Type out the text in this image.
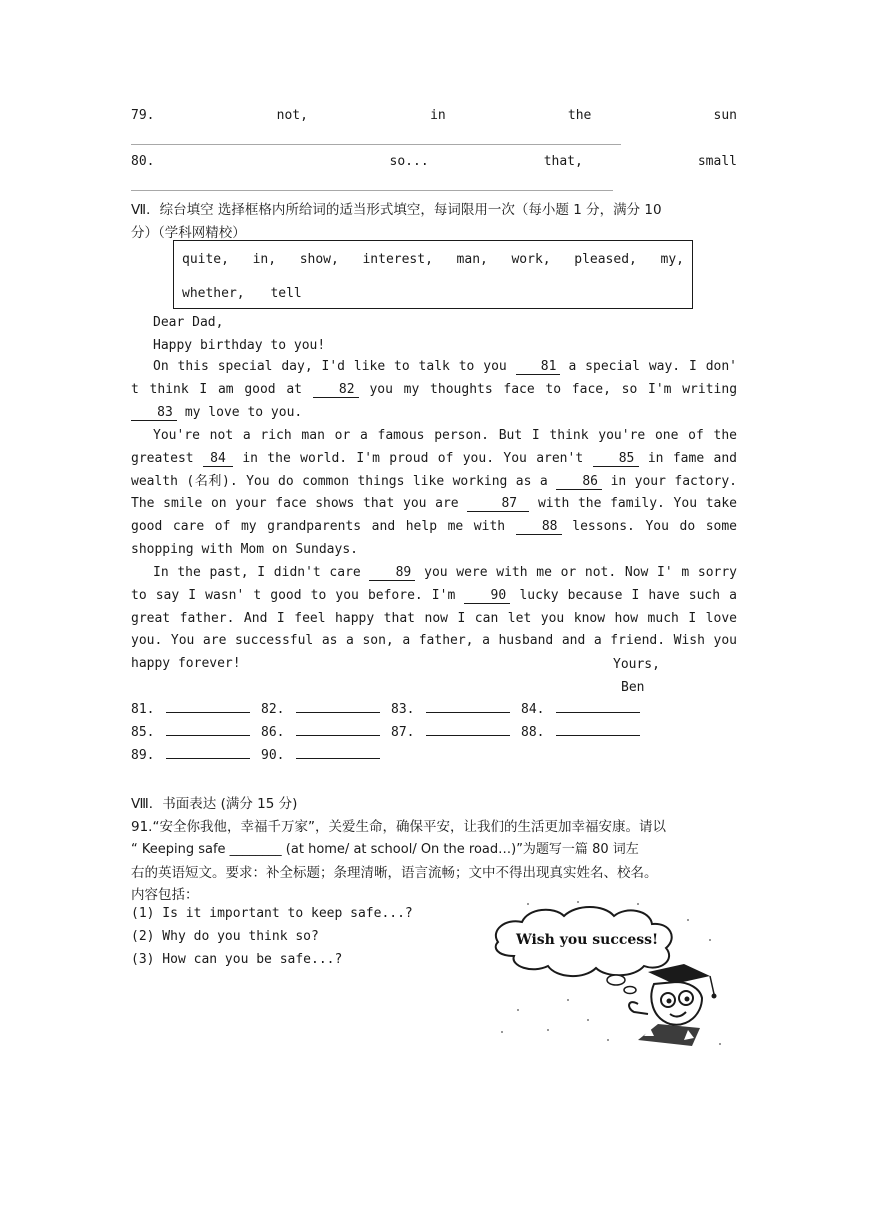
79.	not,	in	the	sun
80.	so...	that,	small
Ⅶ．综台填空 选择框格内所给词的适当形式填空，每词限用一次（每小题 1 分，满分 10
分）（学科网精校）
quite, in, show, interest, man, work, pleased, my,
whether, tell
Dear Dad,
Happy birthday to you!
On this special day, I'd like to talk to you	81 a special way. I don' t think I am good at	82 you my thoughts face to face, so I'm writing 83 my love to you.
You're not a rich man or a famous person. But I think you're one of the greatest 84 in the world. I'm proud of you. You aren't	85 in fame and wealth (名利). You do common things like working as a	86 in your factory. The smile on your face shows that you are	87 with the family. You take good care of my grandparents and help me with	88 lessons. You do some shopping with Mom on Sundays.
In the past, I didn't care	89 you were with me or not. Now I' m sorry to say I wasn' t good to you before. I'm	90 lucky because I have such a great father. And I feel happy that now I can let you know how much I love you. You are successful as a son, a father, a husband and a friend. Wish you happy forever!	Yours,
Ben
81.	82.	83.	84.
85.	86.	87.	88.
89.	90.
Ⅷ．书面表达 (满分 15 分)
91.“安全你我他，幸福千万家”，关爱生命，确保平安，让我们的生活更加幸福安康。请以
“ Keeping safe ________ (at home/ at school/ On the road…)”为题写一篇 80 词左
右的英语短文。要求：补全标题；条理清晰，语言流畅；文中不得出现真实姓名、校名。
内容包括：
(1) Is it important to keep safe...?
(2) Why do you think so?
(3) How can you be safe...?
Wish you success!
